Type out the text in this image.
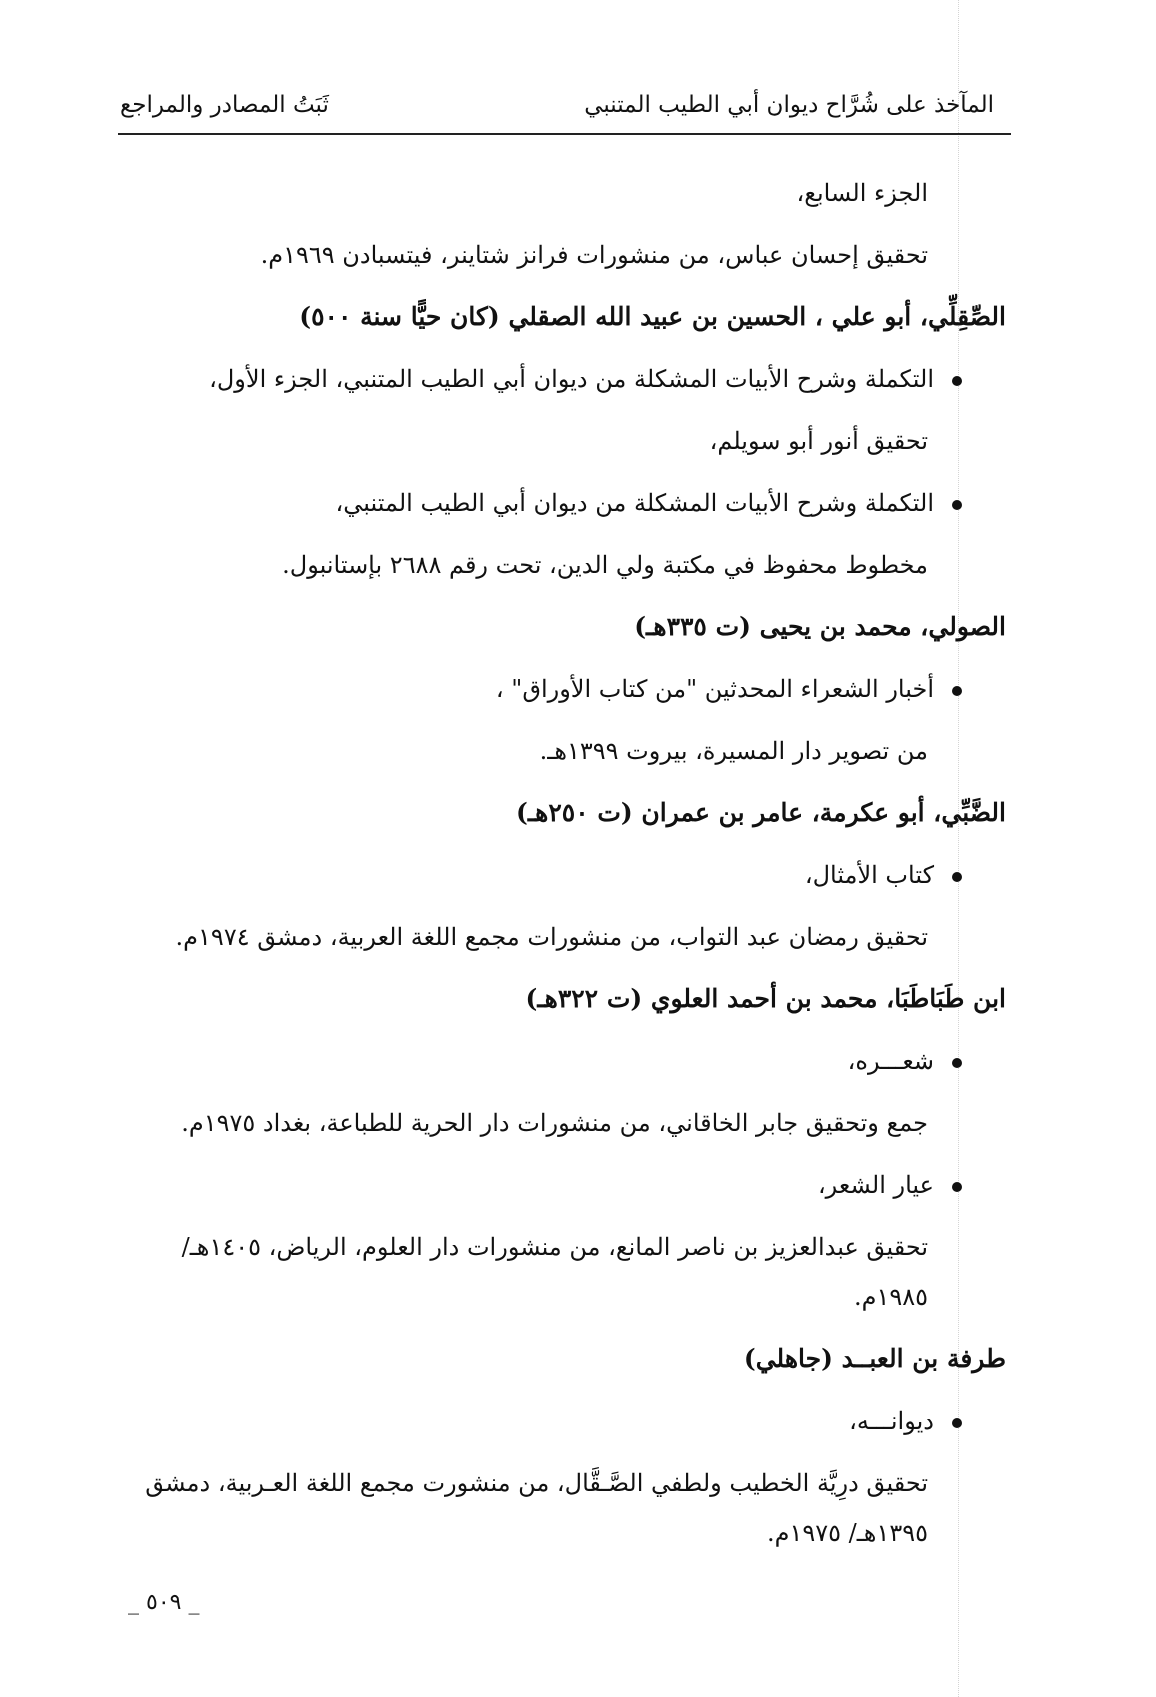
المآخذ على شُرَّاح ديوان أبي الطيب المتنبي
ثَبَتُ المصادر والمراجع
الجزء السابع،
تحقيق إحسان عباس، من منشورات فرانز شتاينر، فيتسبادن ١٩٦٩م.
الصِّقِلِّي، أبو علي ، الحسين بن عبيد الله الصقلي (كان حيًّا سنة ٥٠٠)
التكملة وشرح الأبيات المشكلة من ديوان أبي الطيب المتنبي، الجزء الأول،
تحقيق أنور أبو سويلم،
التكملة وشرح الأبيات المشكلة من ديوان أبي الطيب المتنبي،
مخطوط محفوظ في مكتبة ولي الدين، تحت رقم ٢٦٨٨ بإستانبول.
الصولي، محمد بن يحيى (ت ٣٣٥هـ)
أخبار الشعراء المحدثين "من كتاب الأوراق" ،
من تصوير دار المسيرة، بيروت ١٣٩٩هـ.
الضَّبِّي، أبو عكرمة، عامر بن عمران (ت ٢٥٠هـ)
كتاب الأمثال،
تحقيق رمضان عبد التواب، من منشورات مجمع اللغة العربية، دمشق ١٩٧٤م.
ابن طَبَاطَبَا، محمد بن أحمد العلوي (ت ٣٢٢هـ)
شعـــره،
جمع وتحقيق جابر الخاقاني، من منشورات دار الحرية للطباعة، بغداد ١٩٧٥م.
عيار الشعر،
تحقيق عبدالعزيز بن ناصر المانع، من منشورات دار العلوم، الرياض، ١٤٠٥هـ/
١٩٨٥م.
طرفة بن العبــد (جاهلي)
ديوانـــه،
تحقيق درِيَّة الخطيب ولطفي الصَّـقَّال، من منشورت مجمع اللغة العـربية، دمشق
١٣٩٥هـ/ ١٩٧٥م.
_ ٥٠٩ _
